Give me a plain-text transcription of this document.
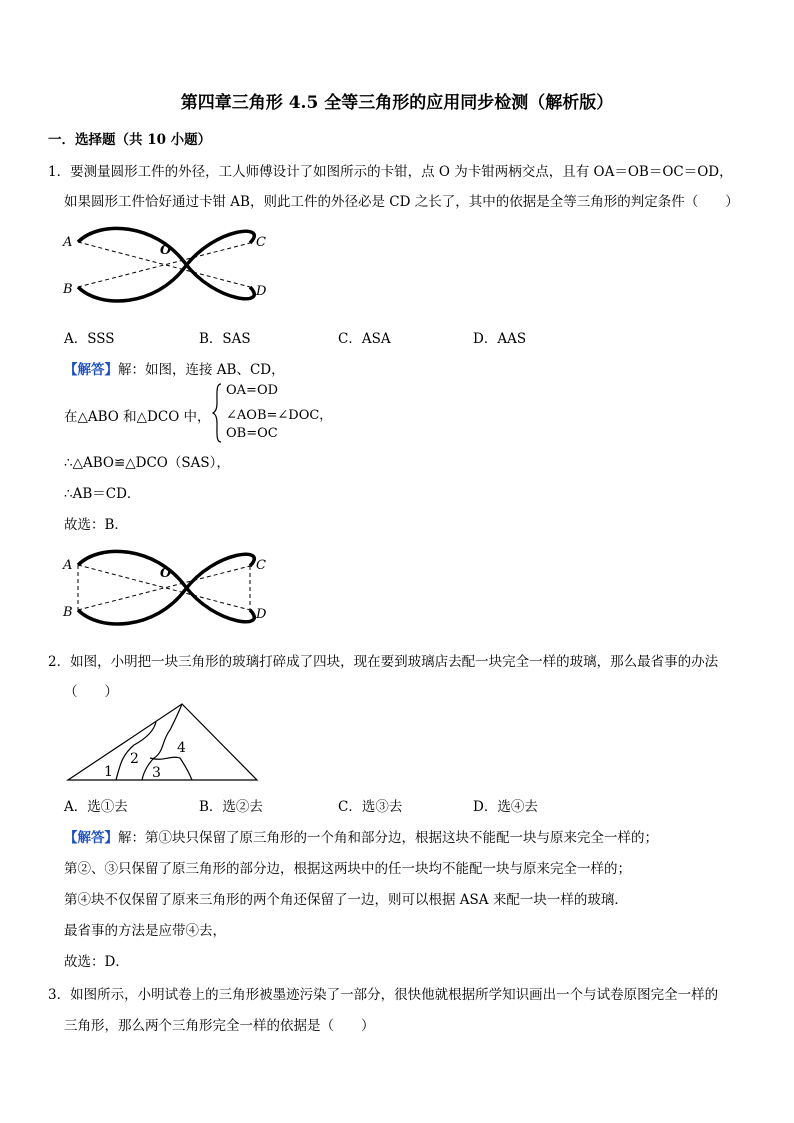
第四章三角形 4.5 全等三角形的应用同步检测（解析版）
一．选择题（共 10 小题）
1．要测量圆形工件的外径，工人师傅设计了如图所示的卡钳，点 O 为卡钳两柄交点，且有 OA＝OB＝OC＝OD，
如果圆形工件恰好通过卡钳 AB，则此工件的外径必是 CD 之长了，其中的依据是全等三角形的判定条件（　　）
A
B
C
D
O
A．SSS	B．SAS	C．ASA	D．AAS
【解答】解：如图，连接 AB、CD，
在△ABO 和△DCO 中，
OA=OD
∠AOB=∠DOC，
OB=OC
∴△ABO≌△DCO（SAS），
∴AB＝CD．
故选：B．
A
B
C
D
O
2．如图，小明把一块三角形的玻璃打碎成了四块，现在要到玻璃店去配一块完全一样的玻璃，那么最省事的办法
（　　）
1
2
3
4
A．选①去	B．选②去	C．选③去	D．选④去
【解答】解：第①块只保留了原三角形的一个角和部分边，根据这块不能配一块与原来完全一样的；
第②、③只保留了原三角形的部分边，根据这两块中的任一块均不能配一块与原来完全一样的；
第④块不仅保留了原来三角形的两个角还保留了一边，则可以根据 ASA 来配一块一样的玻璃．
最省事的方法是应带④去，
故选：D．
3．如图所示，小明试卷上的三角形被墨迹污染了一部分，很快他就根据所学知识画出一个与试卷原图完全一样的
三角形，那么两个三角形完全一样的依据是（　　）
